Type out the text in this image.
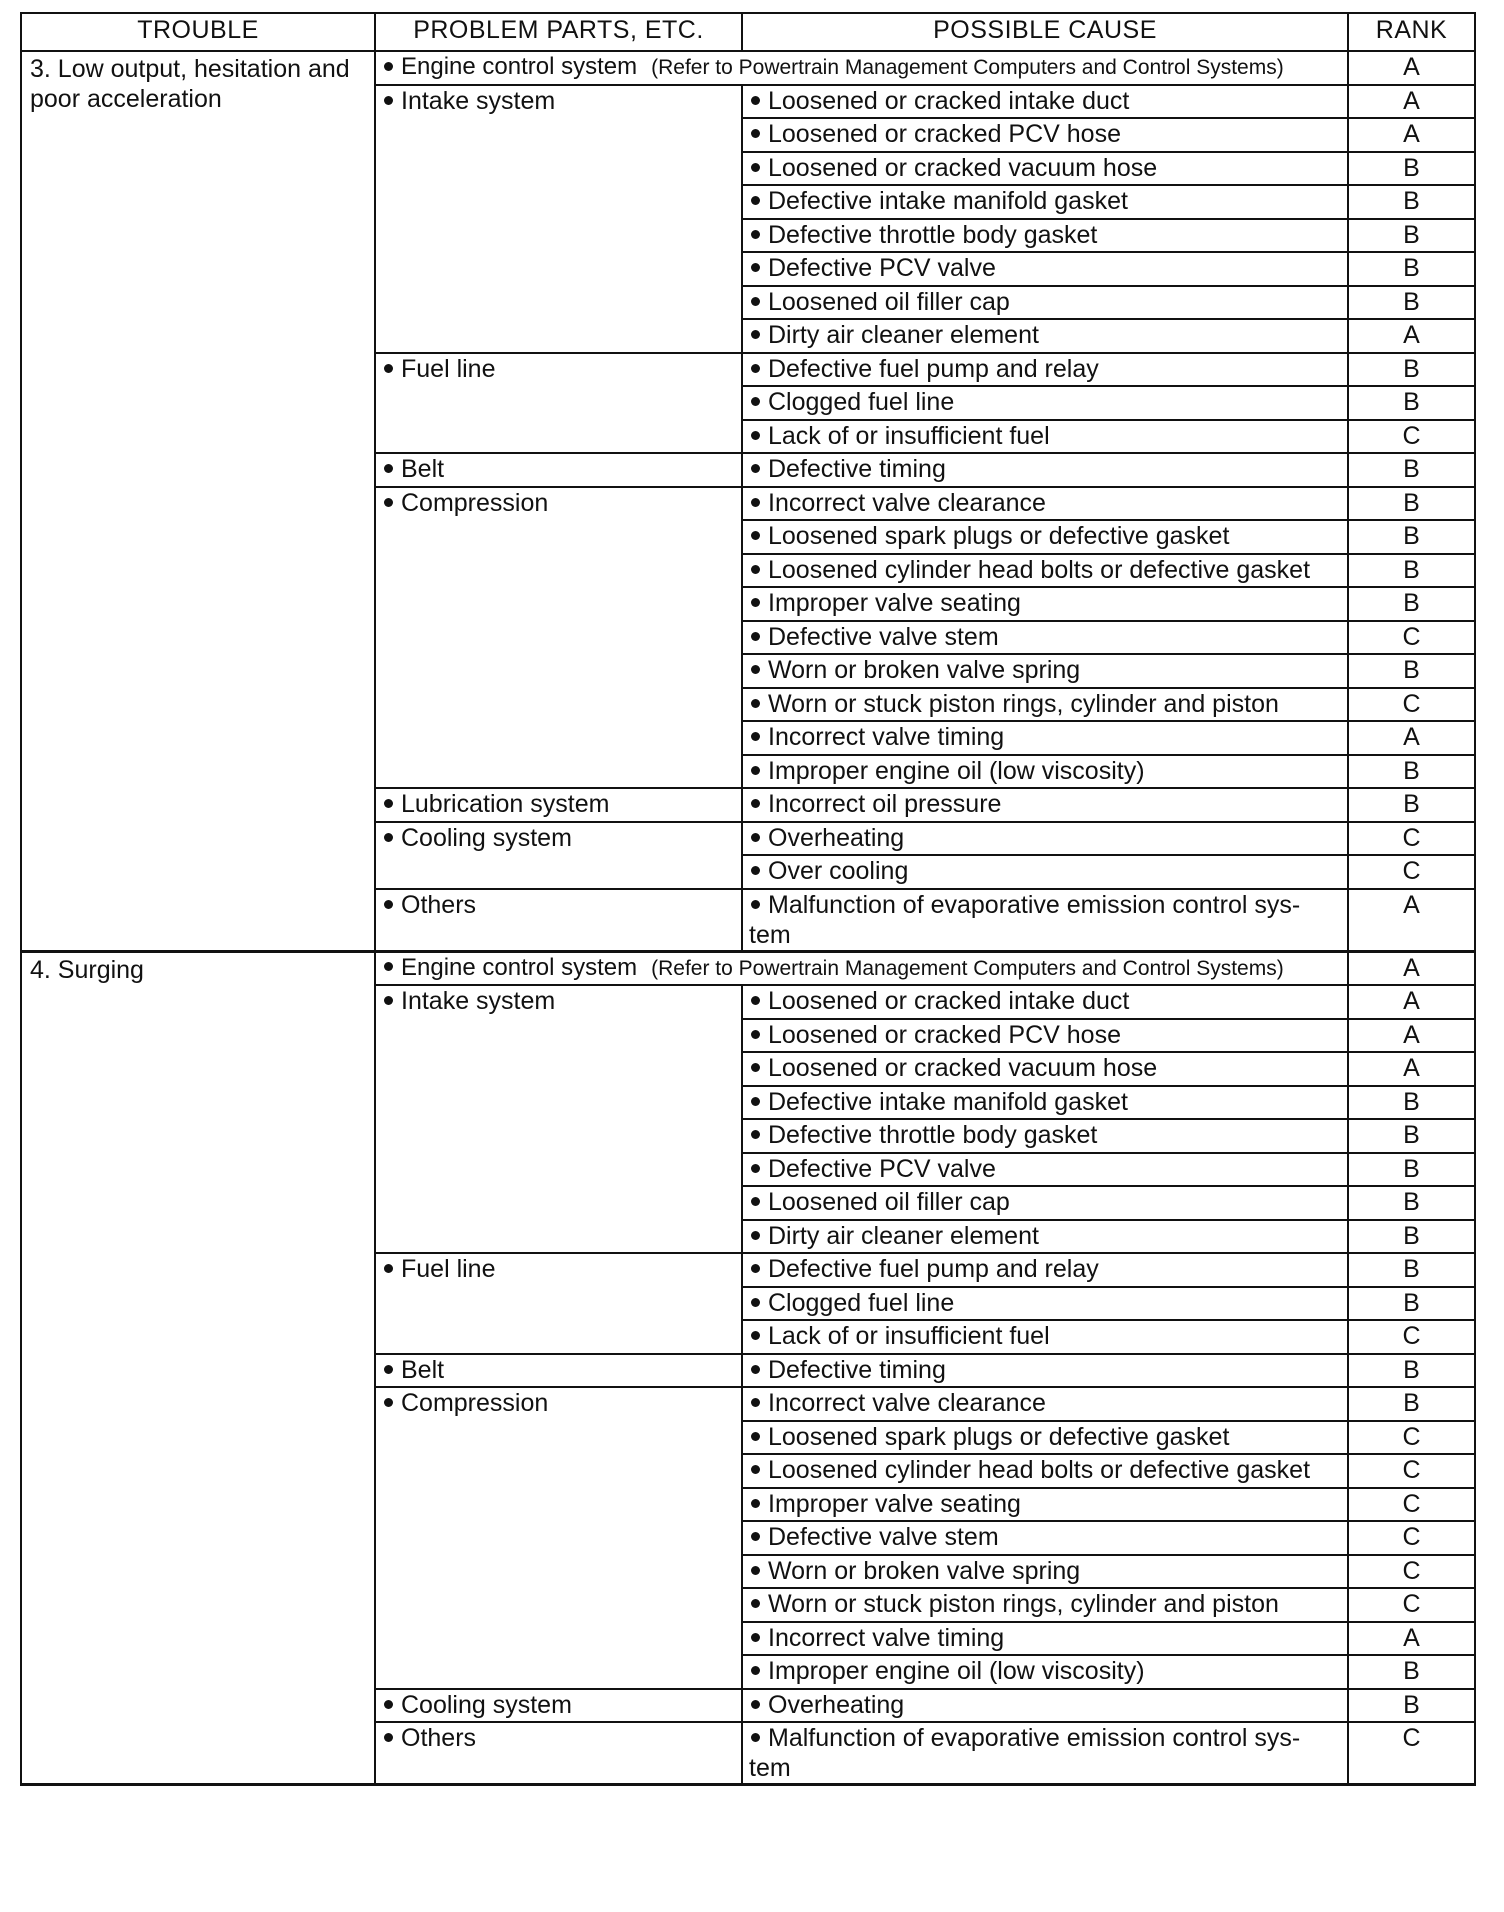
TROUBLE	PROBLEM PARTS, ETC.	POSSIBLE CAUSE	RANK
3. Low output, hesitation and poor acceleration	Engine control system (Refer to Powertrain Management Computers and Control Systems)		A
	Intake system	Loosened or cracked intake duct	A
		Loosened or cracked PCV hose	A
		Loosened or cracked vacuum hose	B
		Defective intake manifold gasket	B
		Defective throttle body gasket	B
		Defective PCV valve	B
		Loosened oil filler cap	B
		Dirty air cleaner element	A
	Fuel line	Defective fuel pump and relay	B
		Clogged fuel line	B
		Lack of or insufficient fuel	C
	Belt	Defective timing	B
	Compression	Incorrect valve clearance	B
		Loosened spark plugs or defective gasket	B
		Loosened cylinder head bolts or defective gasket	B
		Improper valve seating	B
		Defective valve stem	C
		Worn or broken valve spring	B
		Worn or stuck piston rings, cylinder and piston	C
		Incorrect valve timing	A
		Improper engine oil (low viscosity)	B
	Lubrication system	Incorrect oil pressure	B
	Cooling system	Overheating	C
		Over cooling	C
	Others	Malfunction of evaporative emission control sys- tem	A
4. Surging	Engine control system (Refer to Powertrain Management Computers and Control Systems)		A
	Intake system	Loosened or cracked intake duct	A
		Loosened or cracked PCV hose	A
		Loosened or cracked vacuum hose	A
		Defective intake manifold gasket	B
		Defective throttle body gasket	B
		Defective PCV valve	B
		Loosened oil filler cap	B
		Dirty air cleaner element	B
	Fuel line	Defective fuel pump and relay	B
		Clogged fuel line	B
		Lack of or insufficient fuel	C
	Belt	Defective timing	B
	Compression	Incorrect valve clearance	B
		Loosened spark plugs or defective gasket	C
		Loosened cylinder head bolts or defective gasket	C
		Improper valve seating	C
		Defective valve stem	C
		Worn or broken valve spring	C
		Worn or stuck piston rings, cylinder and piston	C
		Incorrect valve timing	A
		Improper engine oil (low viscosity)	B
	Cooling system	Overheating	B
	Others	Malfunction of evaporative emission control sys- tem	C
